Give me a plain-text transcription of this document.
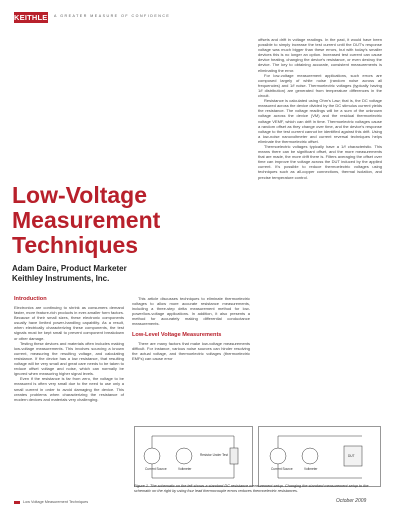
KEITHLEY A GREATER MEASURE OF CONFIDENCE
Low-Voltage
Measurement
Techniques
Adam Daire, Product Marketer
Keithley Instruments, Inc.
Introduction

Electronics are continuing to shrink as consumers demand faster, more feature-rich products in ever-smaller form factors. Because of their small sizes, these electronic components usually have limited power-handling capability. As a result, when electrically characterizing these components, the test signals must be kept small to prevent component breakdown or other damage.

Testing these devices and materials often includes making low-voltage measurements. This involves sourcing a known current, measuring the resulting voltage, and calculating resistance. If the device has a low resistance, that resulting voltage will be very small and great care needs to be taken to reduce offset voltage and noise, which can normally be ignored when measuring higher signal levels.

Even if the resistance is far from zero, the voltage to be measured is often very small due to the need to use only a small current in order to avoid damaging the device. This creates problems when characterizing the resistance of modern devices and materials very challenging.

This article discusses techniques to eliminate thermoelectric voltages to allow more accurate resistance measurements, including a three-step delta measurement method for low-power/low-voltage applications. In addition, it also presents a method for accurately making differential conductance measurements.

Low-Level Voltage Measurements

There are many factors that make low-voltage measurements difficult. For instance, various noise sources can hinder resolving the actual voltage, and thermoelectric voltages (thermoelectric EMFs) can cause error

offsets and drift in voltage readings. In the past, it would have been possible to simply increase the test current until the DUT's response voltage was much bigger than these errors, but with today's smaller devices this is no longer an option. Increased test current can cause device heating, changing the device's resistance, or even destroy the device. The key to obtaining accurate, consistent measurements is eliminating the error.

For low-voltage measurement applications, such errors are composed largely of white noise (random noise across all frequencies) and 1/f noise. Thermoelectric voltages (typically having 1/f distribution) are generated from temperature differences in the circuit.

Resistance is calculated using Ohm's Law; that is, the DC voltage measured across the device divided by the DC stimulus current yields the resistance. The voltage readings will be a sum of the unknown voltage across the device (VM) and the residual thermoelectric voltage VEMF, which can drift in time. Thermoelectric voltages cause a random offset as they change over time, and the device's response voltage to the test current cannot be identified against this drift. Using a low-noise nanovoltmeter and current reversal techniques helps eliminate the thermoelectric offset.

Thermoelectric voltages typically have a 1/f characteristic. This means there can be significant offset, and the more measurements that are made, the more drift there is. Filters averaging the offset over time can improve the voltage across the DUT induced by the applied current. It's possible to reduce thermoelectric voltages using techniques such as all-copper connections, thermal isolation, and precise temperature control.

Current Source	Voltmeter
Resistor Under Test
Current Source	Voltmeter
DUT
Figure 1. The schematic on the left shows a standard DC resistance measurement setup. Changing the standard measurement setup to the schematic on the right by using four lead thermocouple errors reduces thermoelectric resistances.
Low Voltage Measurement Techniques	October 2009
